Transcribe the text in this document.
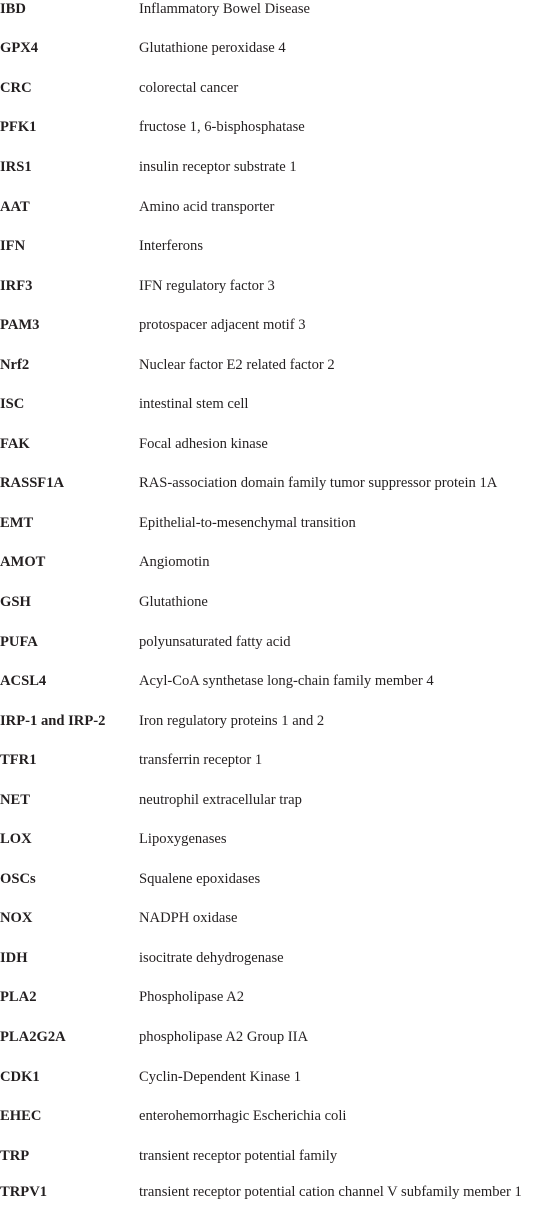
IBD	Inflammatory Bowel Disease
GPX4	Glutathione peroxidase 4
CRC	colorectal cancer
PFK1	fructose 1, 6-bisphosphatase
IRS1	insulin receptor substrate 1
AAT	Amino acid transporter
IFN	Interferons
IRF3	IFN regulatory factor 3
PAM3	protospacer adjacent motif 3
Nrf2	Nuclear factor E2 related factor 2
ISC	intestinal stem cell
FAK	Focal adhesion kinase
RASSF1A	RAS-association domain family tumor suppressor protein 1A
EMT	Epithelial-to-mesenchymal transition
AMOT	Angiomotin
GSH	Glutathione
PUFA	polyunsaturated fatty acid
ACSL4	Acyl-CoA synthetase long-chain family member 4
IRP-1 and IRP-2	Iron regulatory proteins 1 and 2
TFR1	transferrin receptor 1
NET	neutrophil extracellular trap
LOX	Lipoxygenases
OSCs	Squalene epoxidases
NOX	NADPH oxidase
IDH	isocitrate dehydrogenase
PLA2	Phospholipase A2
PLA2G2A	phospholipase A2 Group IIA
CDK1	Cyclin-Dependent Kinase 1
EHEC	enterohemorrhagic Escherichia coli
TRP	transient receptor potential family
TRPV1	transient receptor potential cation channel V subfamily member 1
